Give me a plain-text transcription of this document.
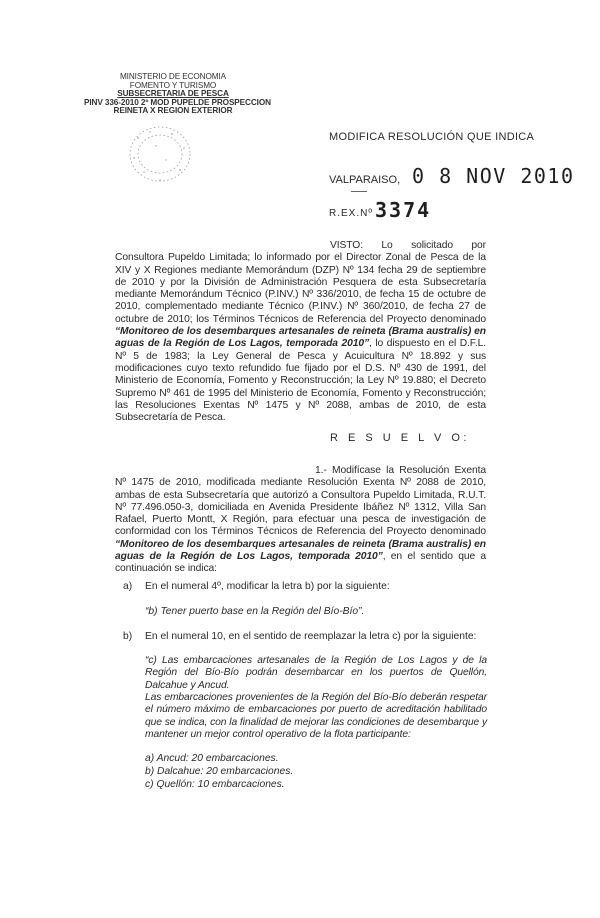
MINISTERIO DE ECONOMIA
FOMENTO Y TURISMO
SUBSECRETARIA DE PESCA
PINV 336-2010 2º MOD PUPELDE PROSPECCION
REINETA X REGION EXTERIOR
MODIFICA RESOLUCIÓN QUE INDICA
VALPARAISO, 0 8 NOV 2010
R.EX.Nº 3374
VISTO: Lo solicitado por Consultora Pupeldo Limitada; lo informado por el Director Zonal de Pesca de la XIV y X Regiones mediante Memorándum (DZP) Nº 134 fecha 29 de septiembre de 2010 y por la División de Administración Pesquera de esta Subsecretaría mediante Memorándum Técnico (P.INV.) Nº 336/2010, de fecha 15 de octubre de 2010, complementado mediante Técnico (P.INV.) Nº 360/2010, de fecha 27 de octubre de 2010; los Términos Técnicos de Referencia del Proyecto denominado “Monitoreo de los desembarques artesanales de reineta (Brama australis) en aguas de la Región de Los Lagos, temporada 2010”, lo dispuesto en el D.F.L. Nº 5 de 1983; la Ley General de Pesca y Acuicultura Nº 18.892 y sus modificaciones cuyo texto refundido fue fijado por el D.S. Nº 430 de 1991, del Ministerio de Economía, Fomento y Reconstrucción; la Ley Nº 19.880; el Decreto Supremo Nº 461 de 1995 del Ministerio de Economía, Fomento y Reconstrucción; las Resoluciones Exentas Nº 1475 y Nº 2088, ambas de 2010, de esta Subsecretaría de Pesca.
R E S U E L V O:
1.- Modifícase la Resolución Exenta Nº 1475 de 2010, modificada mediante Resolución Exenta Nº 2088 de 2010, ambas de esta Subsecretaría que autorizó a Consultora Pupeldo Limitada, R.U.T. Nº 77.496.050-3, domiciliada en Avenida Presidente Ibáñez Nº 1312, Villa San Rafael, Puerto Montt, X Región, para efectuar una pesca de investigación de conformidad con los Términos Técnicos de Referencia del Proyecto denominado “Monitoreo de los desembarques artesanales de reineta (Brama australis) en aguas de la Región de Los Lagos, temporada 2010”, en el sentido que a continuación se indica:
a) En el numeral 4º, modificar la letra b) por la siguiente:
“b) Tener puerto base en la Región del Bío-Bío”.
b) En el numeral 10, en el sentido de reemplazar la letra c) por la siguiente:
“c) Las embarcaciones artesanales de la Región de Los Lagos y de la Región del Bío-Bío podrán desembarcar en los puertos de Quellón, Dalcahue y Ancud.
Las embarcaciones provenientes de la Región del Bío-Bío deberán respetar el número máximo de embarcaciones por puerto de acreditación habilitado que se indica, con la finalidad de mejorar las condiciones de desembarque y mantener un mejor control operativo de la flota participante:
a) Ancud: 20 embarcaciones.
b) Dalcahue: 20 embarcaciones.
c) Quellón: 10 embarcaciones.
